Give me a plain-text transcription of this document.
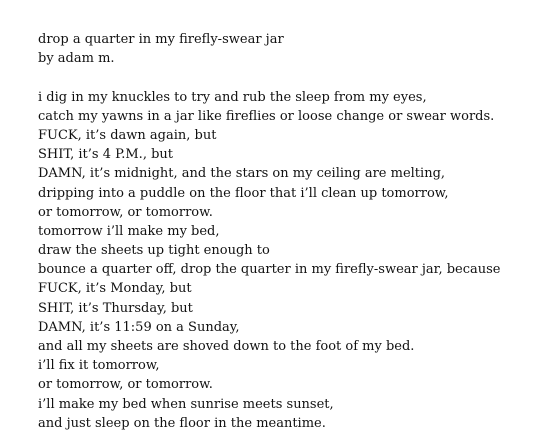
drop a quarter in my firefly-swear jar
by adam m.
i dig in my knuckles to try and rub the sleep from my eyes,
catch my yawns in a jar like fireflies or loose change or swear words.
FUCK, it’s dawn again, but
SHIT, it’s 4 P.M., but
DAMN, it’s midnight, and the stars on my ceiling are melting,
dripping into a puddle on the floor that i’ll clean up tomorrow,
or tomorrow, or tomorrow.
tomorrow i’ll make my bed,
draw the sheets up tight enough to
bounce a quarter off, drop the quarter in my firefly-swear jar, because
FUCK, it’s Monday, but
SHIT, it’s Thursday, but
DAMN, it’s 11:59 on a Sunday,
and all my sheets are shoved down to the foot of my bed.
i’ll fix it tomorrow,
or tomorrow, or tomorrow.
i’ll make my bed when sunrise meets sunset,
and just sleep on the floor in the meantime.
